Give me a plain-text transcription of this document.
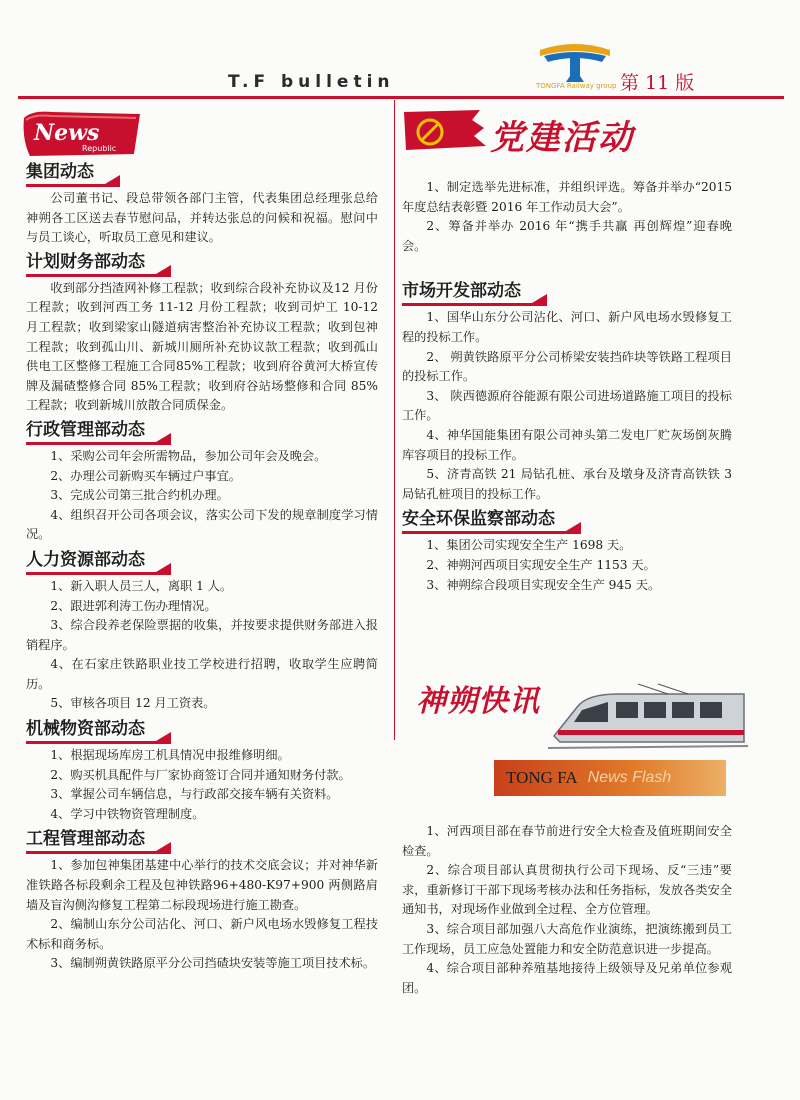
T.F bulletin	TONGFA Railway group 第 11 版
News
Republic
集团动态

公司董书记、段总带领各部门主管，代表集团总经理张总给神朔各工区送去春节慰问品，并转达张总的问候和祝福。慰问中与员工谈心，听取员工意见和建议。

计划财务部动态

收到部分挡渣网补修工程款；收到综合段补充协议及12 月份工程款；收到河西工务 11-12 月份工程款；收到司炉工 10-12 月工程款；收到梁家山隧道病害整治补充协议工程款；收到包神工程款；收到孤山川、新城川厕所补充协议款工程款；收到孤山供电工区整修工程施工合同85%工程款；收到府谷黄河大桥宣传牌及漏碴整修合同 85%工程款；收到府谷站场整修和合同 85%工程款；收到新城川放散合同质保金。

行政管理部动态

1、采购公司年会所需物品，参加公司年会及晚会。

2、办理公司新购买车辆过户事宜。

3、完成公司第三批合约机办理。

4、组织召开公司各项会议，落实公司下发的规章制度学习情况。

人力资源部动态

1、新入职人员三人，离职 1 人。

2、跟进郭利涛工伤办理情况。

3、综合段养老保险票据的收集，并按要求提供财务部进入报销程序。

4、在石家庄铁路职业技工学校进行招聘，收取学生应聘简历。

5、审核各项目 12 月工资表。

机械物资部动态

1、根据现场库房工机具情况申报维修明细。

2、购买机具配件与厂家协商签订合同并通知财务付款。

3、掌握公司车辆信息，与行政部交接车辆有关资料。

4、学习中铁物资管理制度。

工程管理部动态

1、参加包神集团基建中心举行的技术交底会议；并对神华新准铁路各标段剩余工程及包神铁路96+480-K97+900 两侧路肩墙及盲沟侧沟修复工程第二标段现场进行施工勘查。

2、编制山东分公司沾化、河口、新户风电场水毁修复工程技术标和商务标。

3、编制朔黄铁路原平分公司挡碴块安装等施工项目技术标。

党建活动

1、制定选举先进标准，并组织评选。筹备并举办“2015 年度总结表彰暨 2016 年工作动员大会”。

2、筹备并举办 2016 年“携手共赢 再创辉煌”迎春晚会。

市场开发部动态

1、国华山东分公司沾化、河口、新户风电场水毁修复工程的投标工作。

2、 朔黄铁路原平分公司桥梁安装挡砟块等铁路工程项目的投标工作。

3、 陕西德源府谷能源有限公司进场道路施工项目的投标工作。

4、神华国能集团有限公司神头第二发电厂贮灰场倒灰腾库容项目的投标工作。

5、济青高铁 21 局钻孔桩、承台及墩身及济青高铁铁 3 局钻孔桩项目的投标工作。

安全环保监察部动态

1、集团公司实现安全生产 1698 天。

2、神朔河西项目实现安全生产 1153 天。

3、神朔综合段项目实现安全生产 945 天。

神朔快讯
TONG FA News Flash

1、河西项目部在春节前进行安全大检查及值班期间安全检查。

2、综合项目部认真贯彻执行公司下现场、反“三违”要求，重新修订干部下现场考核办法和任务指标，发放各类安全通知书，对现场作业做到全过程、全方位管理。

3、综合项目部加强八大高危作业演练，把演练搬到员工工作现场，员工应急处置能力和安全防范意识进一步提高。

4、综合项目部种养殖基地接待上级领导及兄弟单位参观团。
